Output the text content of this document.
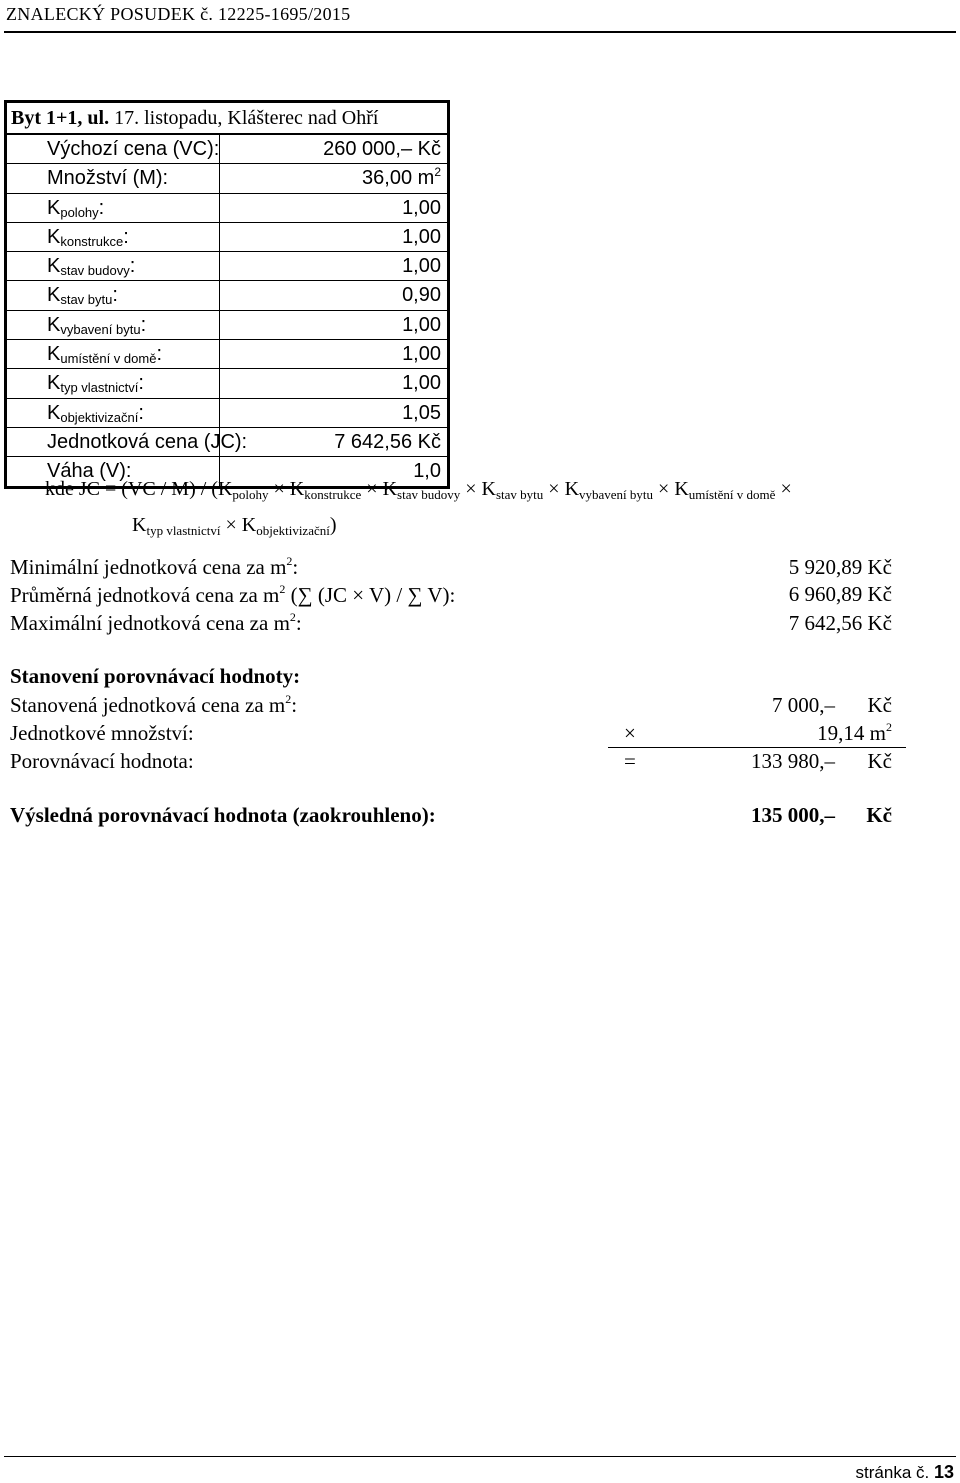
ZNALECKÝ POSUDEK č. 12225-1695/2015
Byt 1+1, ul. 17. listopadu, Klášterec nad Ohří
Výchozí cena (VC):	260 000,– Kč
Množství (M):	36,00 $m^2$
$K_{polohy}$:	1,00
$K_{konstrukce}$:	1,00
$K_{stav budovy}$:	1,00
$K_{stav bytu}$:	0,90
$K_{vybavení bytu}$:	1,00
$K_{umístění v domě}$:	1,00
$K_{typ vlastnictví}$:	1,00
$K_{objektivizační}$:	1,05
Jednotková cena (JC):	7 642,56 Kč
Váha (V):	1,0
kde JC = $(VC / M) / (K_{polohy} \times K_{konstrukce} \times K_{stav budovy} \times K_{stav bytu} \times K_{vybavení bytu} \times K_{umístění v domě}$ ×
$K_{typ vlastnictví} \times K_{objektivizační}$)
Minimální jednotková cena za $m^2$:	5 920,89 Kč
Průměrná jednotková cena za $m^2$ (∑ (JC × V) / ∑ V):	6 960,89 Kč
Maximální jednotková cena za $m^2$:	7 642,56 Kč
Stanovení porovnávací hodnoty:
Stanovená jednotková cena za $m^2$:	7 000,– Kč
Jednotkové množství:	×	19,14 $m^2$
Porovnávací hodnota:	=	133 980,– Kč
Výsledná porovnávací hodnota (zaokrouhleno):	135 000,– Kč
stránka č. 13
